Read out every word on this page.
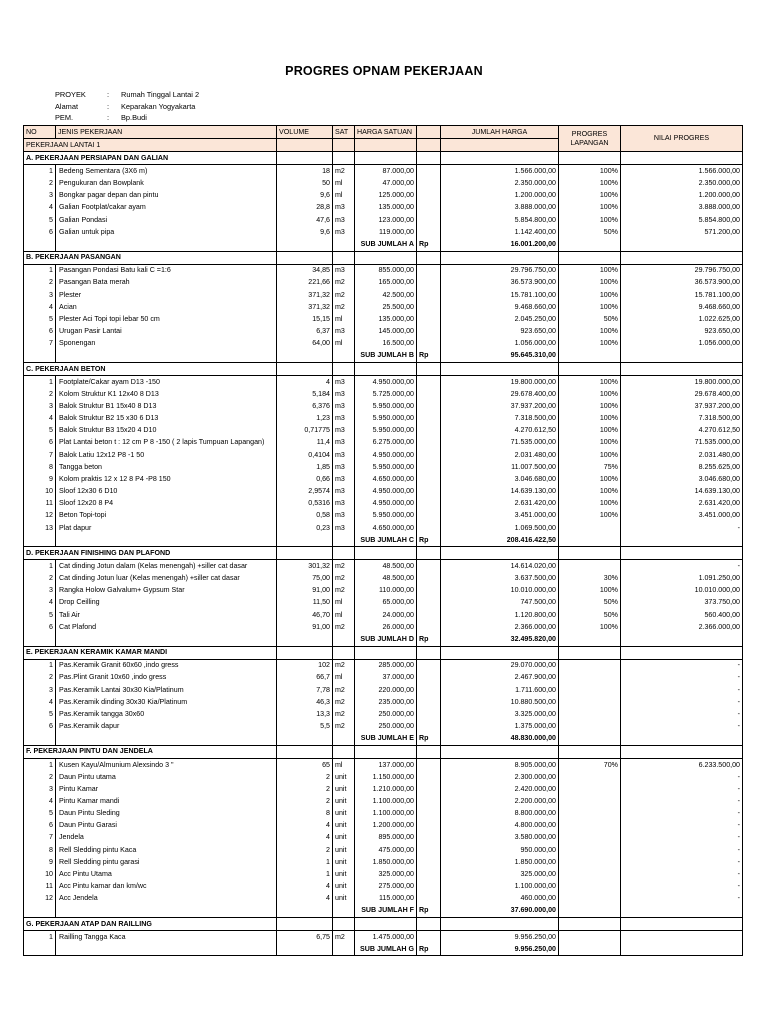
PROGRES OPNAM PEKERJAAN
PROYEK	:	Rumah Tinggal Lantai 2
Alamat	:	Keparakan Yogyakarta
PEM.	:	Bp.Budi
NO	JENIS PEKERJAAN	VOLUME	SAT	HARGA SATUAN		JUMLAH HARGA	PROGRES
LAPANGAN	NILAI PROGRES
PEKERJAAN LANTAI 1								
A. PEKERJAAN PERSIAPAN DAN GALIAN								
1	Bedeng Sementara (3X6 m)	18	m2	87.000,00		1.566.000,00	100%	1.566.000,00
2	Pengukuran dan Bowplank	50	ml	47.000,00		2.350.000,00	100%	2.350.000,00
3	Bongkar pagar depan dan pintu	9,6	ml	125.000,00		1.200.000,00	100%	1.200.000,00
4	Galian Footplat/cakar ayam	28,8	m3	135.000,00		3.888.000,00	100%	3.888.000,00
5	Galian Pondasi	47,6	m3	123.000,00		5.854.800,00	100%	5.854.800,00
6	Galian untuk pipa	9,6	m3	119.000,00		1.142.400,00	50%	571.200,00
				SUB JUMLAH A	Rp	16.001.200,00		
B. PEKERJAAN PASANGAN								
1	Pasangan Pondasi Batu kali C =1:6	34,85	m3	855.000,00		29.796.750,00	100%	29.796.750,00
2	Pasangan Bata merah	221,66	m2	165.000,00		36.573.900,00	100%	36.573.900,00
3	Plester	371,32	m2	42.500,00		15.781.100,00	100%	15.781.100,00
4	Acian	371,32	m2	25.500,00		9.468.660,00	100%	9.468.660,00
5	Plester Aci Topi topi lebar 50 cm	15,15	ml	135.000,00		2.045.250,00	50%	1.022.625,00
6	Urugan Pasir Lantai	6,37	m3	145.000,00		923.650,00	100%	923.650,00
7	Sponengan	64,00	ml	16.500,00		1.056.000,00	100%	1.056.000,00
				SUB JUMLAH B	Rp	95.645.310,00		
C. PEKERJAAN BETON								
1	Footplate/Cakar ayam D13 -150	4	m3	4.950.000,00		19.800.000,00	100%	19.800.000,00
2	Kolom Struktur K1 12x40 8 D13	5,184	m3	5.725.000,00		29.678.400,00	100%	29.678.400,00
3	Balok Struktur B1 15x40 8 D13	6,376	m3	5.950.000,00		37.937.200,00	100%	37.937.200,00
4	Balok Struktur B2 15 x30 6 D13	1,23	m3	5.950.000,00		7.318.500,00	100%	7.318.500,00
5	Balok Struktur B3 15x20 4 D10	0,71775	m3	5.950.000,00		4.270.612,50	100%	4.270.612,50
6	Plat Lantai beton t : 12 cm P 8 -150 ( 2 lapis Tumpuan Lapangan)	11,4	m3	6.275.000,00		71.535.000,00	100%	71.535.000,00
7	Balok Latiu 12x12 P8 -1 50	0,4104	m3	4.950.000,00		2.031.480,00	100%	2.031.480,00
8	Tangga beton	1,85	m3	5.950.000,00		11.007.500,00	75%	8.255.625,00
9	Kolom praktis 12 x 12 8 P4 -P8 150	0,66	m3	4.650.000,00		3.046.680,00	100%	3.046.680,00
10	Sloof 12x30 6 D10	2,9574	m3	4.950.000,00		14.639.130,00	100%	14.639.130,00
11	Sloof 12x20 8 P4	0,5316	m3	4.950.000,00		2.631.420,00	100%	2.631.420,00
12	Beton Topi-topi	0,58	m3	5.950.000,00		3.451.000,00	100%	3.451.000,00
13	Plat dapur	0,23	m3	4.650.000,00		1.069.500,00		-
				SUB JUMLAH C	Rp	208.416.422,50		
D. PEKERJAAN FINISHING DAN PLAFOND								
1	Cat dinding Jotun dalam (Kelas menengah) +siller cat dasar	301,32	m2	48.500,00		14.614.020,00		-
2	Cat dinding Jotun luar (Kelas menengah) +siller cat dasar	75,00	m2	48.500,00		3.637.500,00	30%	1.091.250,00
3	Rangka Holow Galvalum+ Gypsum Star	91,00	m2	110.000,00		10.010.000,00	100%	10.010.000,00
4	Drop Ceilling	11,50	ml	65.000,00		747.500,00	50%	373.750,00
5	Tali Air	46,70	ml	24.000,00		1.120.800,00	50%	560.400,00
6	Cat Plafond	91,00	m2	26.000,00		2.366.000,00	100%	2.366.000,00
				SUB JUMLAH D	Rp	32.495.820,00		
E. PEKERJAAN KERAMIK KAMAR MANDI								
1	Pas.Keramik Granit 60x60 ,indo gress	102	m2	285.000,00		29.070.000,00		-
2	Pas.Plint Granit 10x60 ,indo gress	66,7	ml	37.000,00		2.467.900,00		-
3	Pas.Keramik Lantai 30x30 Kia/Platinum	7,78	m2	220.000,00		1.711.600,00		-
4	Pas.Keramik dinding 30x30 Kia/Platinum	46,3	m2	235.000,00		10.880.500,00		-
5	Pas.Keramik tangga 30x60	13,3	m2	250.000,00		3.325.000,00		-
6	Pas.Keramik dapur	5,5	m2	250.000,00		1.375.000,00		-
				SUB JUMLAH E	Rp	48.830.000,00		
F. PEKERJAAN PINTU DAN JENDELA								
1	Kusen Kayu/Almunium Alexsindo 3 "	65	ml	137.000,00		8.905.000,00	70%	6.233.500,00
2	Daun Pintu utama	2	unit	1.150.000,00		2.300.000,00		-
3	Pintu Kamar	2	unit	1.210.000,00		2.420.000,00		-
4	Pintu Kamar mandi	2	unit	1.100.000,00		2.200.000,00		-
5	Daun Pintu Sleding	8	unit	1.100.000,00		8.800.000,00		-
6	Daun Pintu Garasi	4	unit	1.200.000,00		4.800.000,00		-
7	Jendela	4	unit	895.000,00		3.580.000,00		-
8	Rell Sledding pintu Kaca	2	unit	475.000,00		950.000,00		-
9	Rell Sledding pintu garasi	1	unit	1.850.000,00		1.850.000,00		-
10	Acc Pintu Utama	1	unit	325.000,00		325.000,00		-
11	Acc Pintu kamar dan km/wc	4	unit	275.000,00		1.100.000,00		-
12	Acc Jendela	4	unit	115.000,00		460.000,00		-
				SUB JUMLAH F	Rp	37.690.000,00		
G. PEKERJAAN ATAP DAN RAILLING								
1	Railling Tangga Kaca	6,75	m2	1.475.000,00		9.956.250,00		
				SUB JUMLAH G	Rp	9.956.250,00		
